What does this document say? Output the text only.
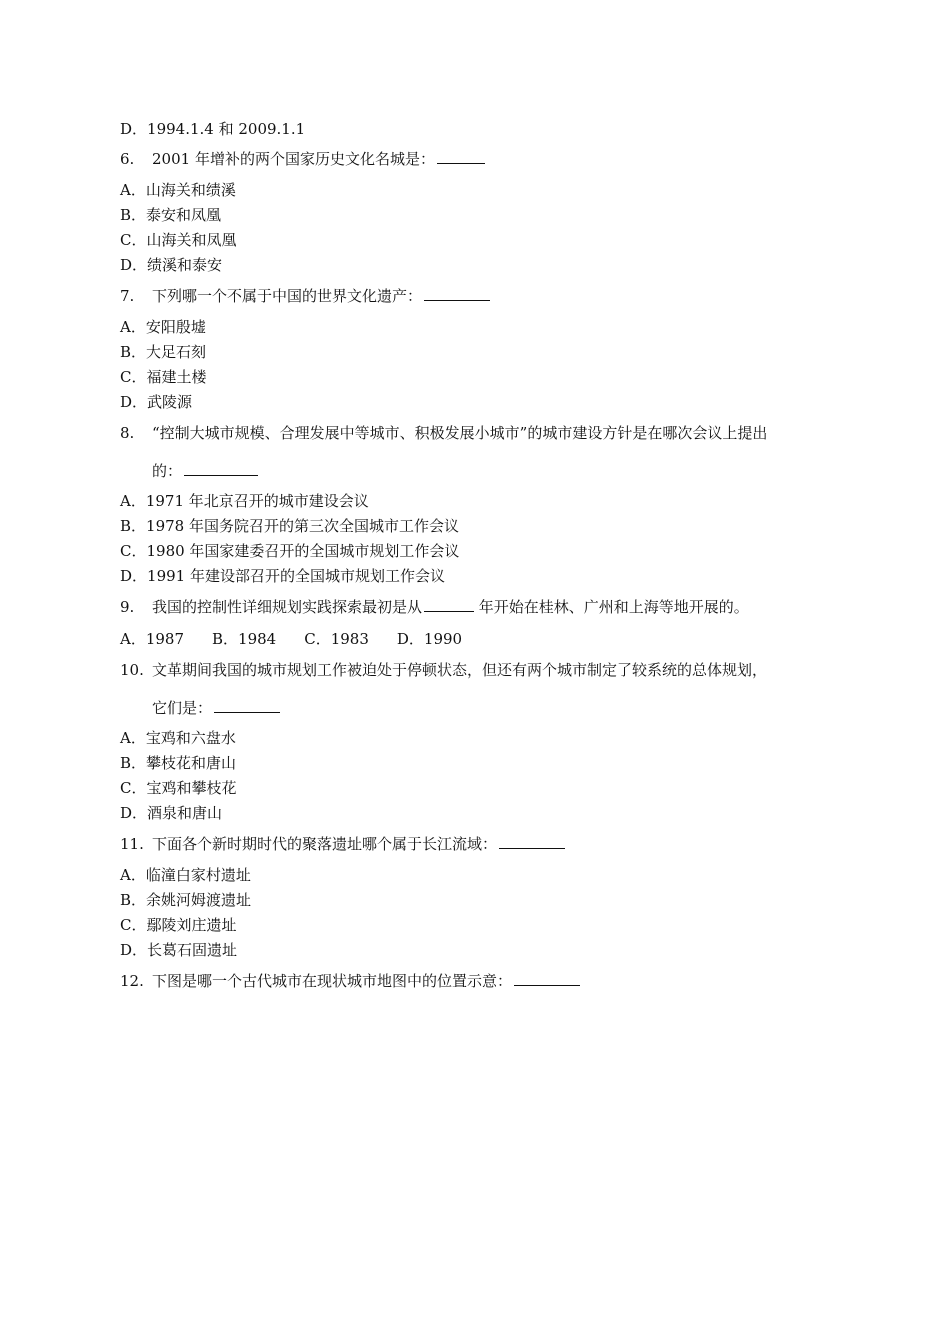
D．1994.1.4 和 2009.1.1
6. 2001 年增补的两个国家历史文化名城是：
A．山海关和绩溪
B．泰安和凤凰
C．山海关和凤凰
D．绩溪和泰安
7. 下列哪一个不属于中国的世界文化遗产：
A．安阳殷墟
B．大足石刻
C．福建土楼
D．武陵源
8. “控制大城市规模、合理发展中等城市、积极发展小城市”的城市建设方针是在哪次会议上提出
的：
A．1971 年北京召开的城市建设会议
B．1978 年国务院召开的第三次全国城市工作会议
C．1980 年国家建委召开的全国城市规划工作会议
D．1991 年建设部召开的全国城市规划工作会议
9. 我国的控制性详细规划实践探索最初是从	年开始在桂林、广州和上海等地开展的。
A．1987 B．1984 C．1983 D．1990
10. 文革期间我国的城市规划工作被迫处于停顿状态，但还有两个城市制定了较系统的总体规划，
它们是：
A．宝鸡和六盘水
B．攀枝花和唐山
C．宝鸡和攀枝花
D．酒泉和唐山
11. 下面各个新时期时代的聚落遗址哪个属于长江流域：
A．临潼白家村遗址
B．余姚河姆渡遗址
C．鄢陵刘庄遗址
D．长葛石固遗址
12. 下图是哪一个古代城市在现状城市地图中的位置示意：
